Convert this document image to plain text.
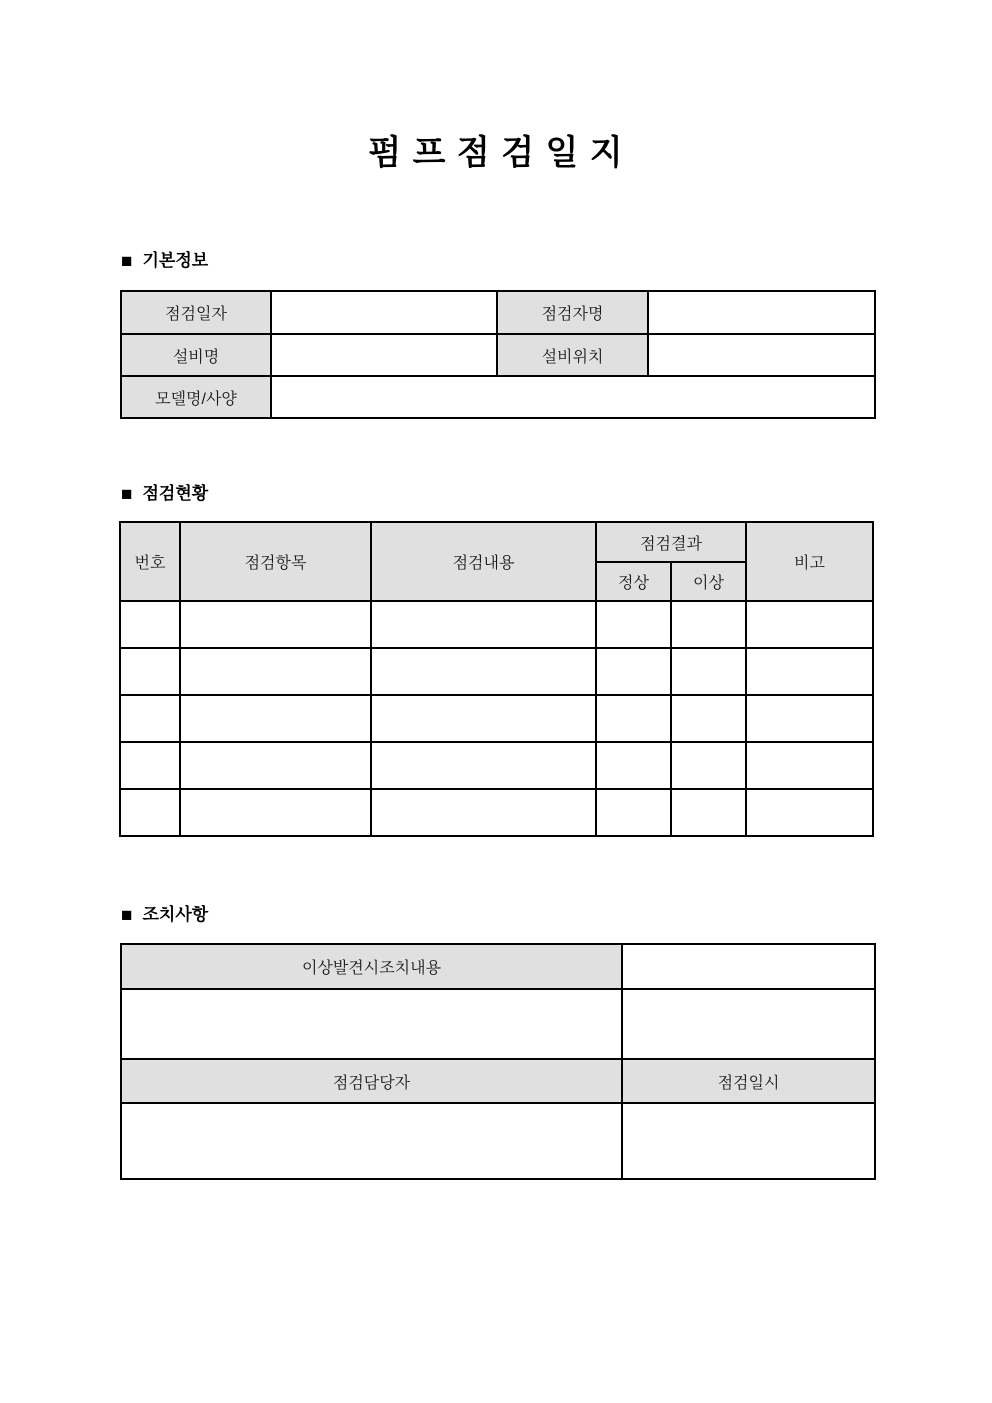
펌 프 점 검 일 지
■ 기본정보
점검일자		점검자명	
설비명		설비위치	
모델명/사양			
■ 점검현황
번호	점검항목	점검내용	점검결과		비고
			정상	이상	

■ 조치사항
이상발견시조치내용	

점검담당자	점검일시
